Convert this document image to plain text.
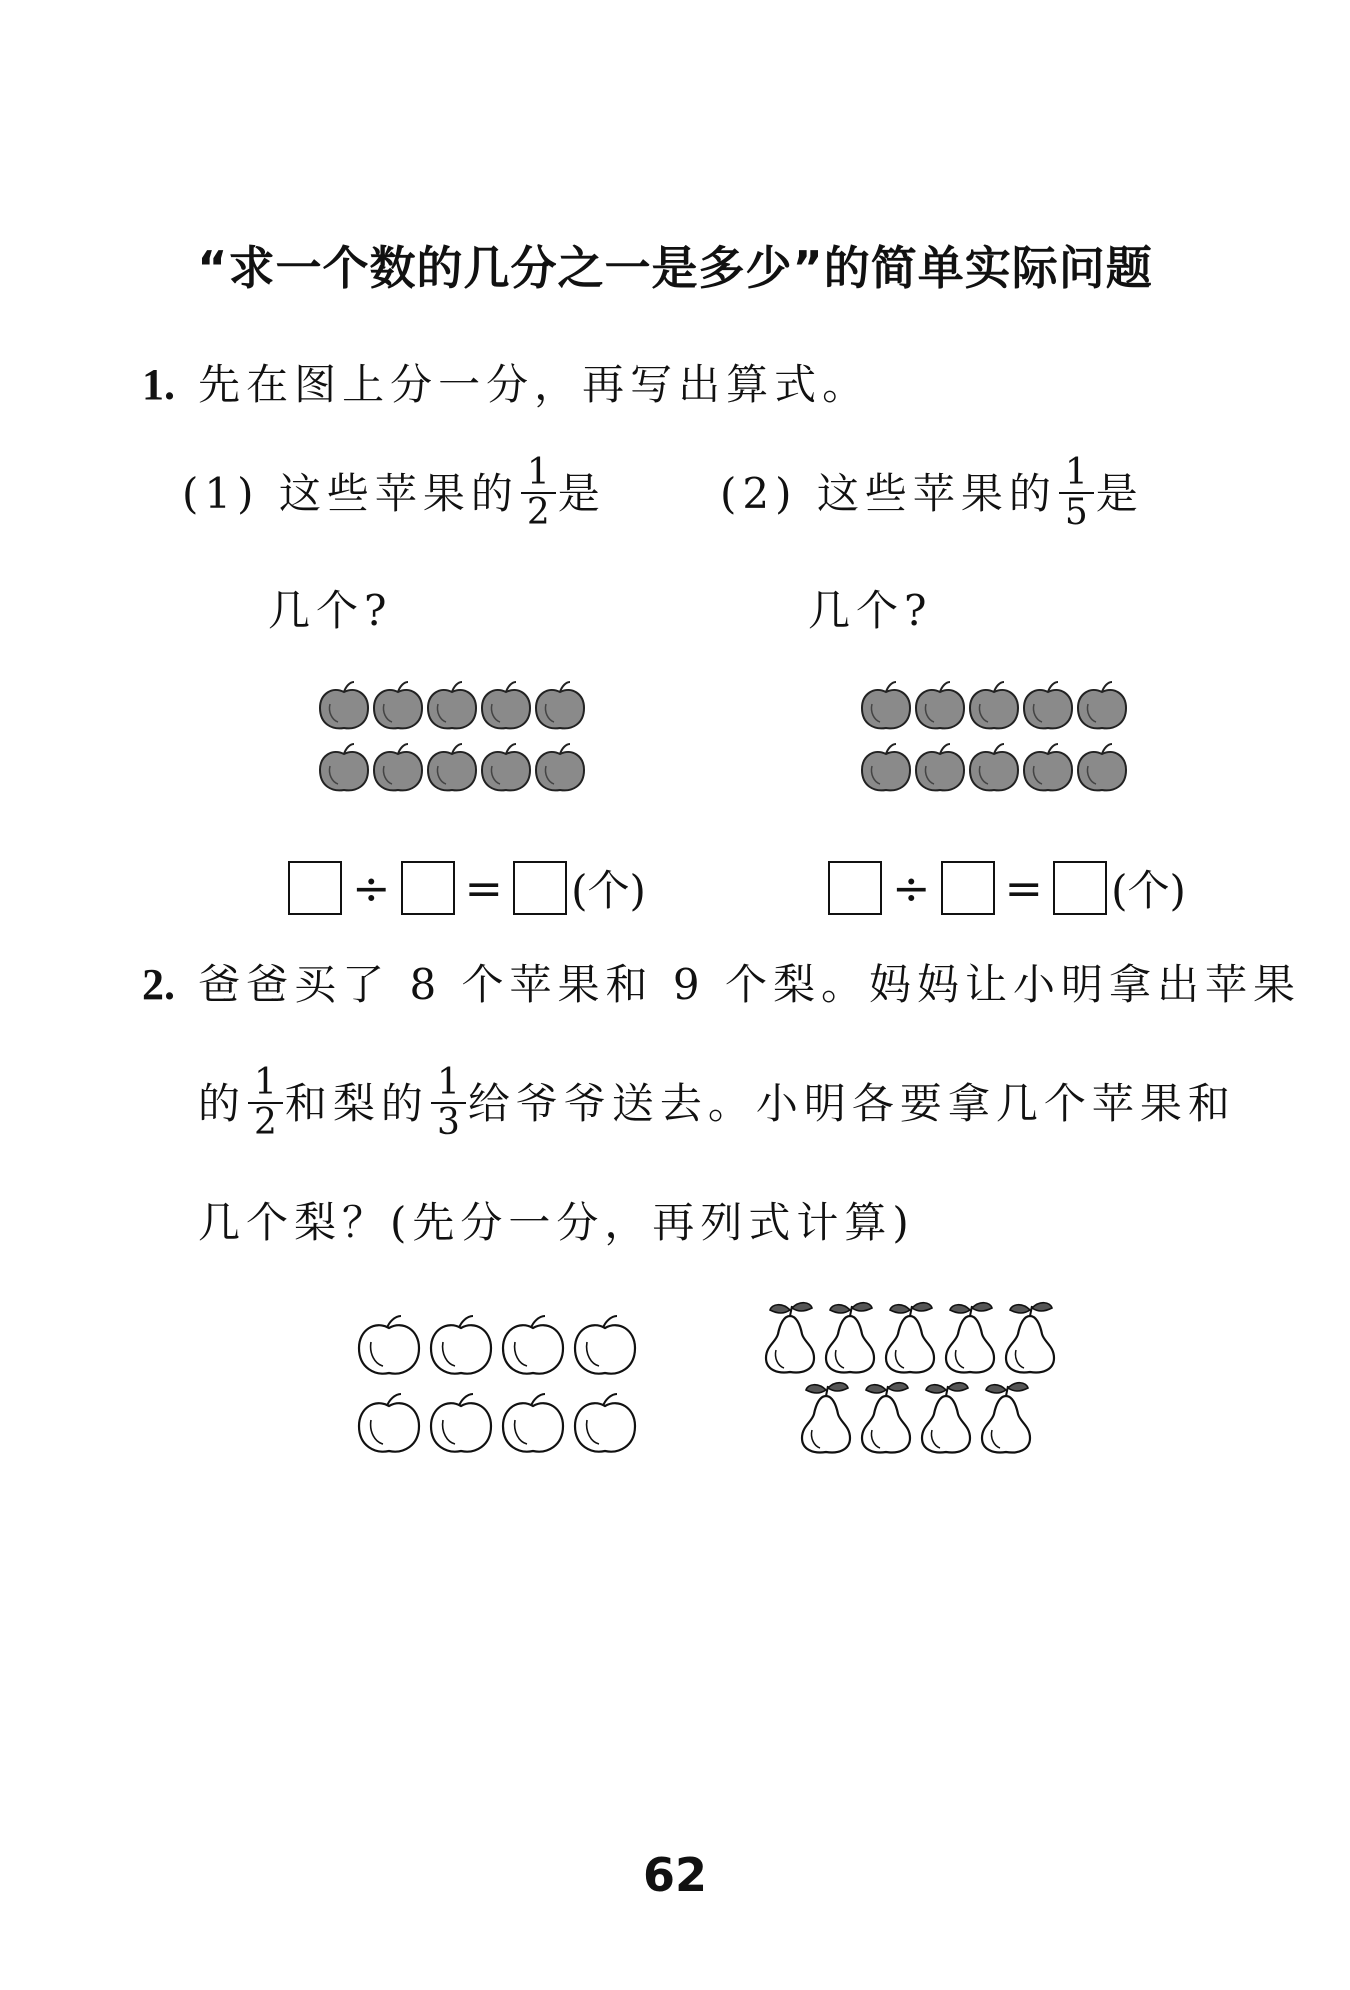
“求一个数的几分之一是多少”的简单实际问题
1. 先在图上分一分，再写出算式。
(1) 这些苹果的 $\frac{1}{2}$ 是
几个?
(2) 这些苹果的 $\frac{1}{5}$ 是
几个?
÷ = (个)	÷ = (个)
2. 爸爸买了 8 个苹果和 9 个梨。妈妈让小明拿出苹果
的 $\frac{1}{2}$ 和梨的 $\frac{1}{3}$ 给爷爷送去。小明各要拿几个苹果和
几个梨？(先分一分，再列式计算)
62
